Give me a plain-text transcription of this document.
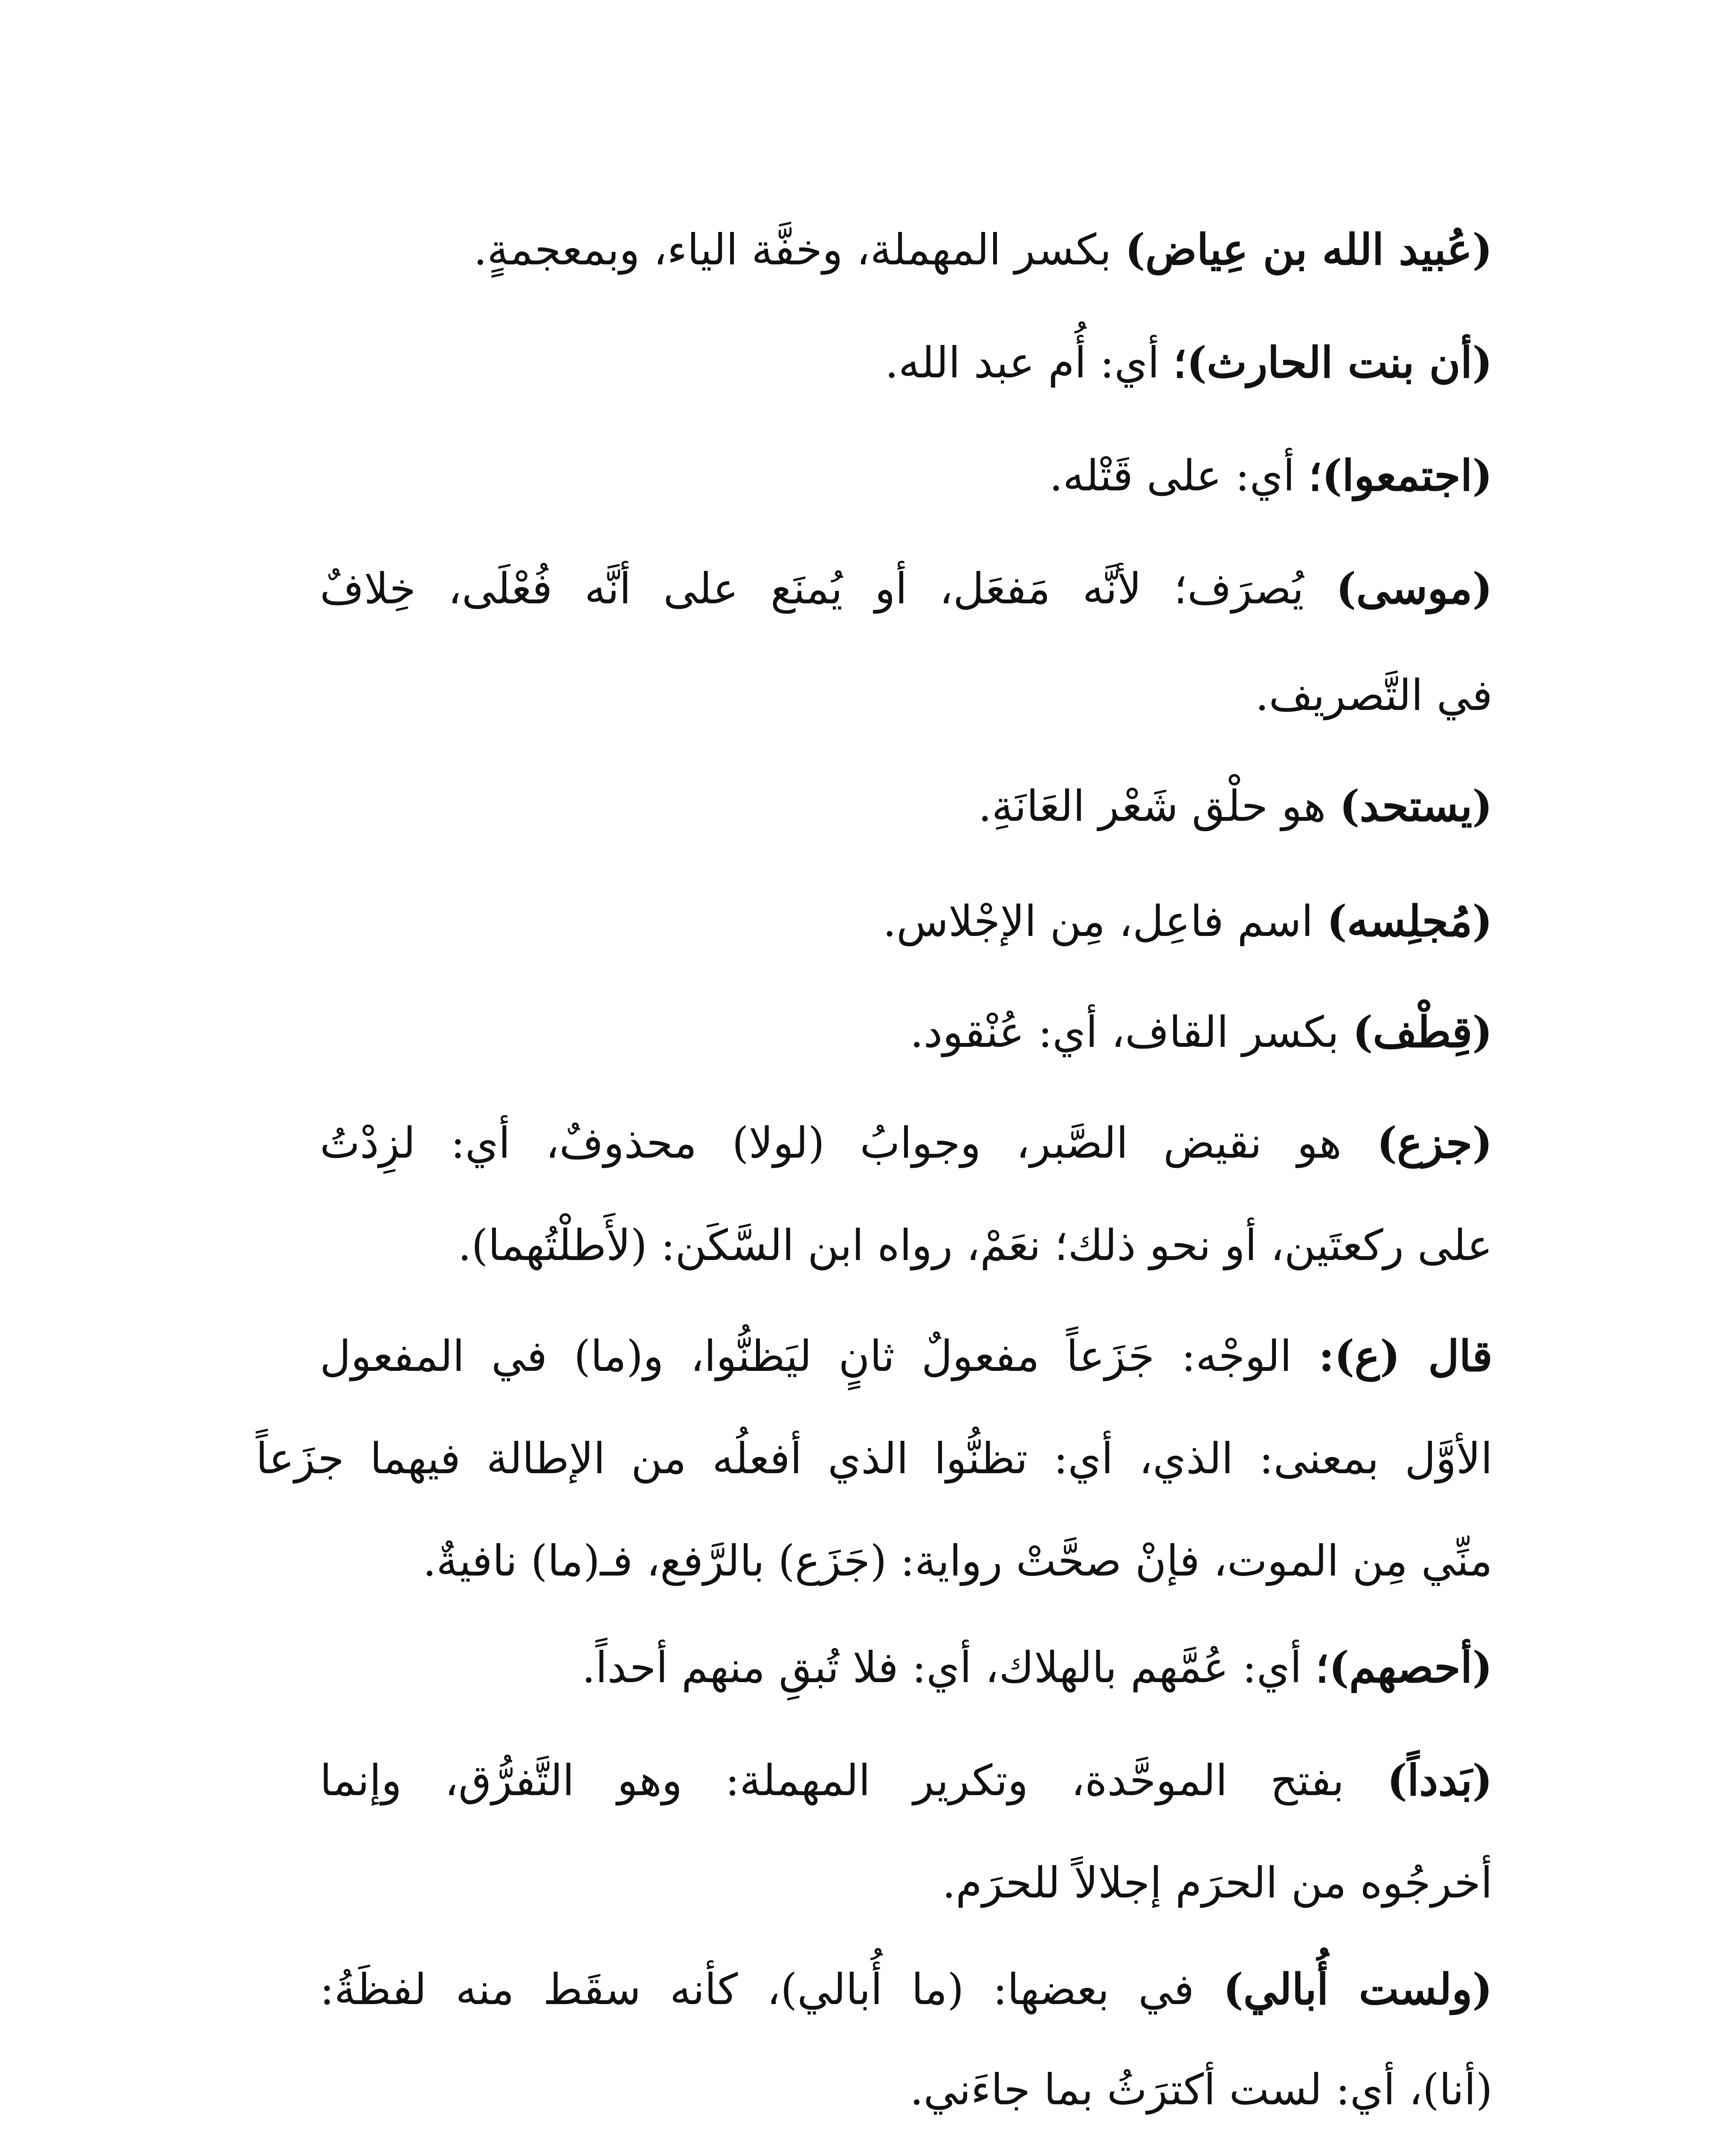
(عُبيد الله بن عِياض) بكسر المهملة، وخفَّة الياء، وبمعجمةٍ.
(أن بنت الحارث)؛ أي: أُم عبد الله.
(اجتمعوا)؛ أي: على قَتْله.
(موسى) يُصرَف؛ لأنَّه مَفعَل، أو يُمنَع على أنَّه فُعْلَى، خِلافٌ
في التَّصريف.
(يستحد) هو حلْق شَعْر العَانَةِ.
(مُجلِسه) اسم فاعِل، مِن الإجْلاس.
(قِطْف) بكسر القاف، أي: عُنْقود.
(جزع) هو نقيض الصَّبر، وجوابُ (لولا) محذوفٌ، أي: لزِدْتُ
على ركعتَين، أو نحو ذلك؛ نعَمْ، رواه ابن السَّكَن: (لأَطلْتُهما).
قال (ع): الوجْه: جَزَعاً مفعولٌ ثانٍ ليَظنُّوا، و(ما) في المفعول
الأوَّل بمعنى: الذي، أي: تظنُّوا الذي أفعلُه من الإطالة فيهما جزَعاً
منِّي مِن الموت، فإنْ صحَّتْ رواية: (جَزَع) بالرَّفع، فـ(ما) نافيةٌ.
(أحصهم)؛ أي: عُمَّهم بالهلاك، أي: فلا تُبقِ منهم أحداً.
(بَدداً) بفتح الموحَّدة، وتكرير المهملة: وهو التَّفرُّق، وإنما
أخرجُوه من الحرَم إجلالاً للحرَم.
(ولست أُبالي) في بعضها: (ما أُبالي)، كأنه سقَط منه لفظَةُ:
(أنا)، أي: لست أكترَثُ بما جاءَني.
